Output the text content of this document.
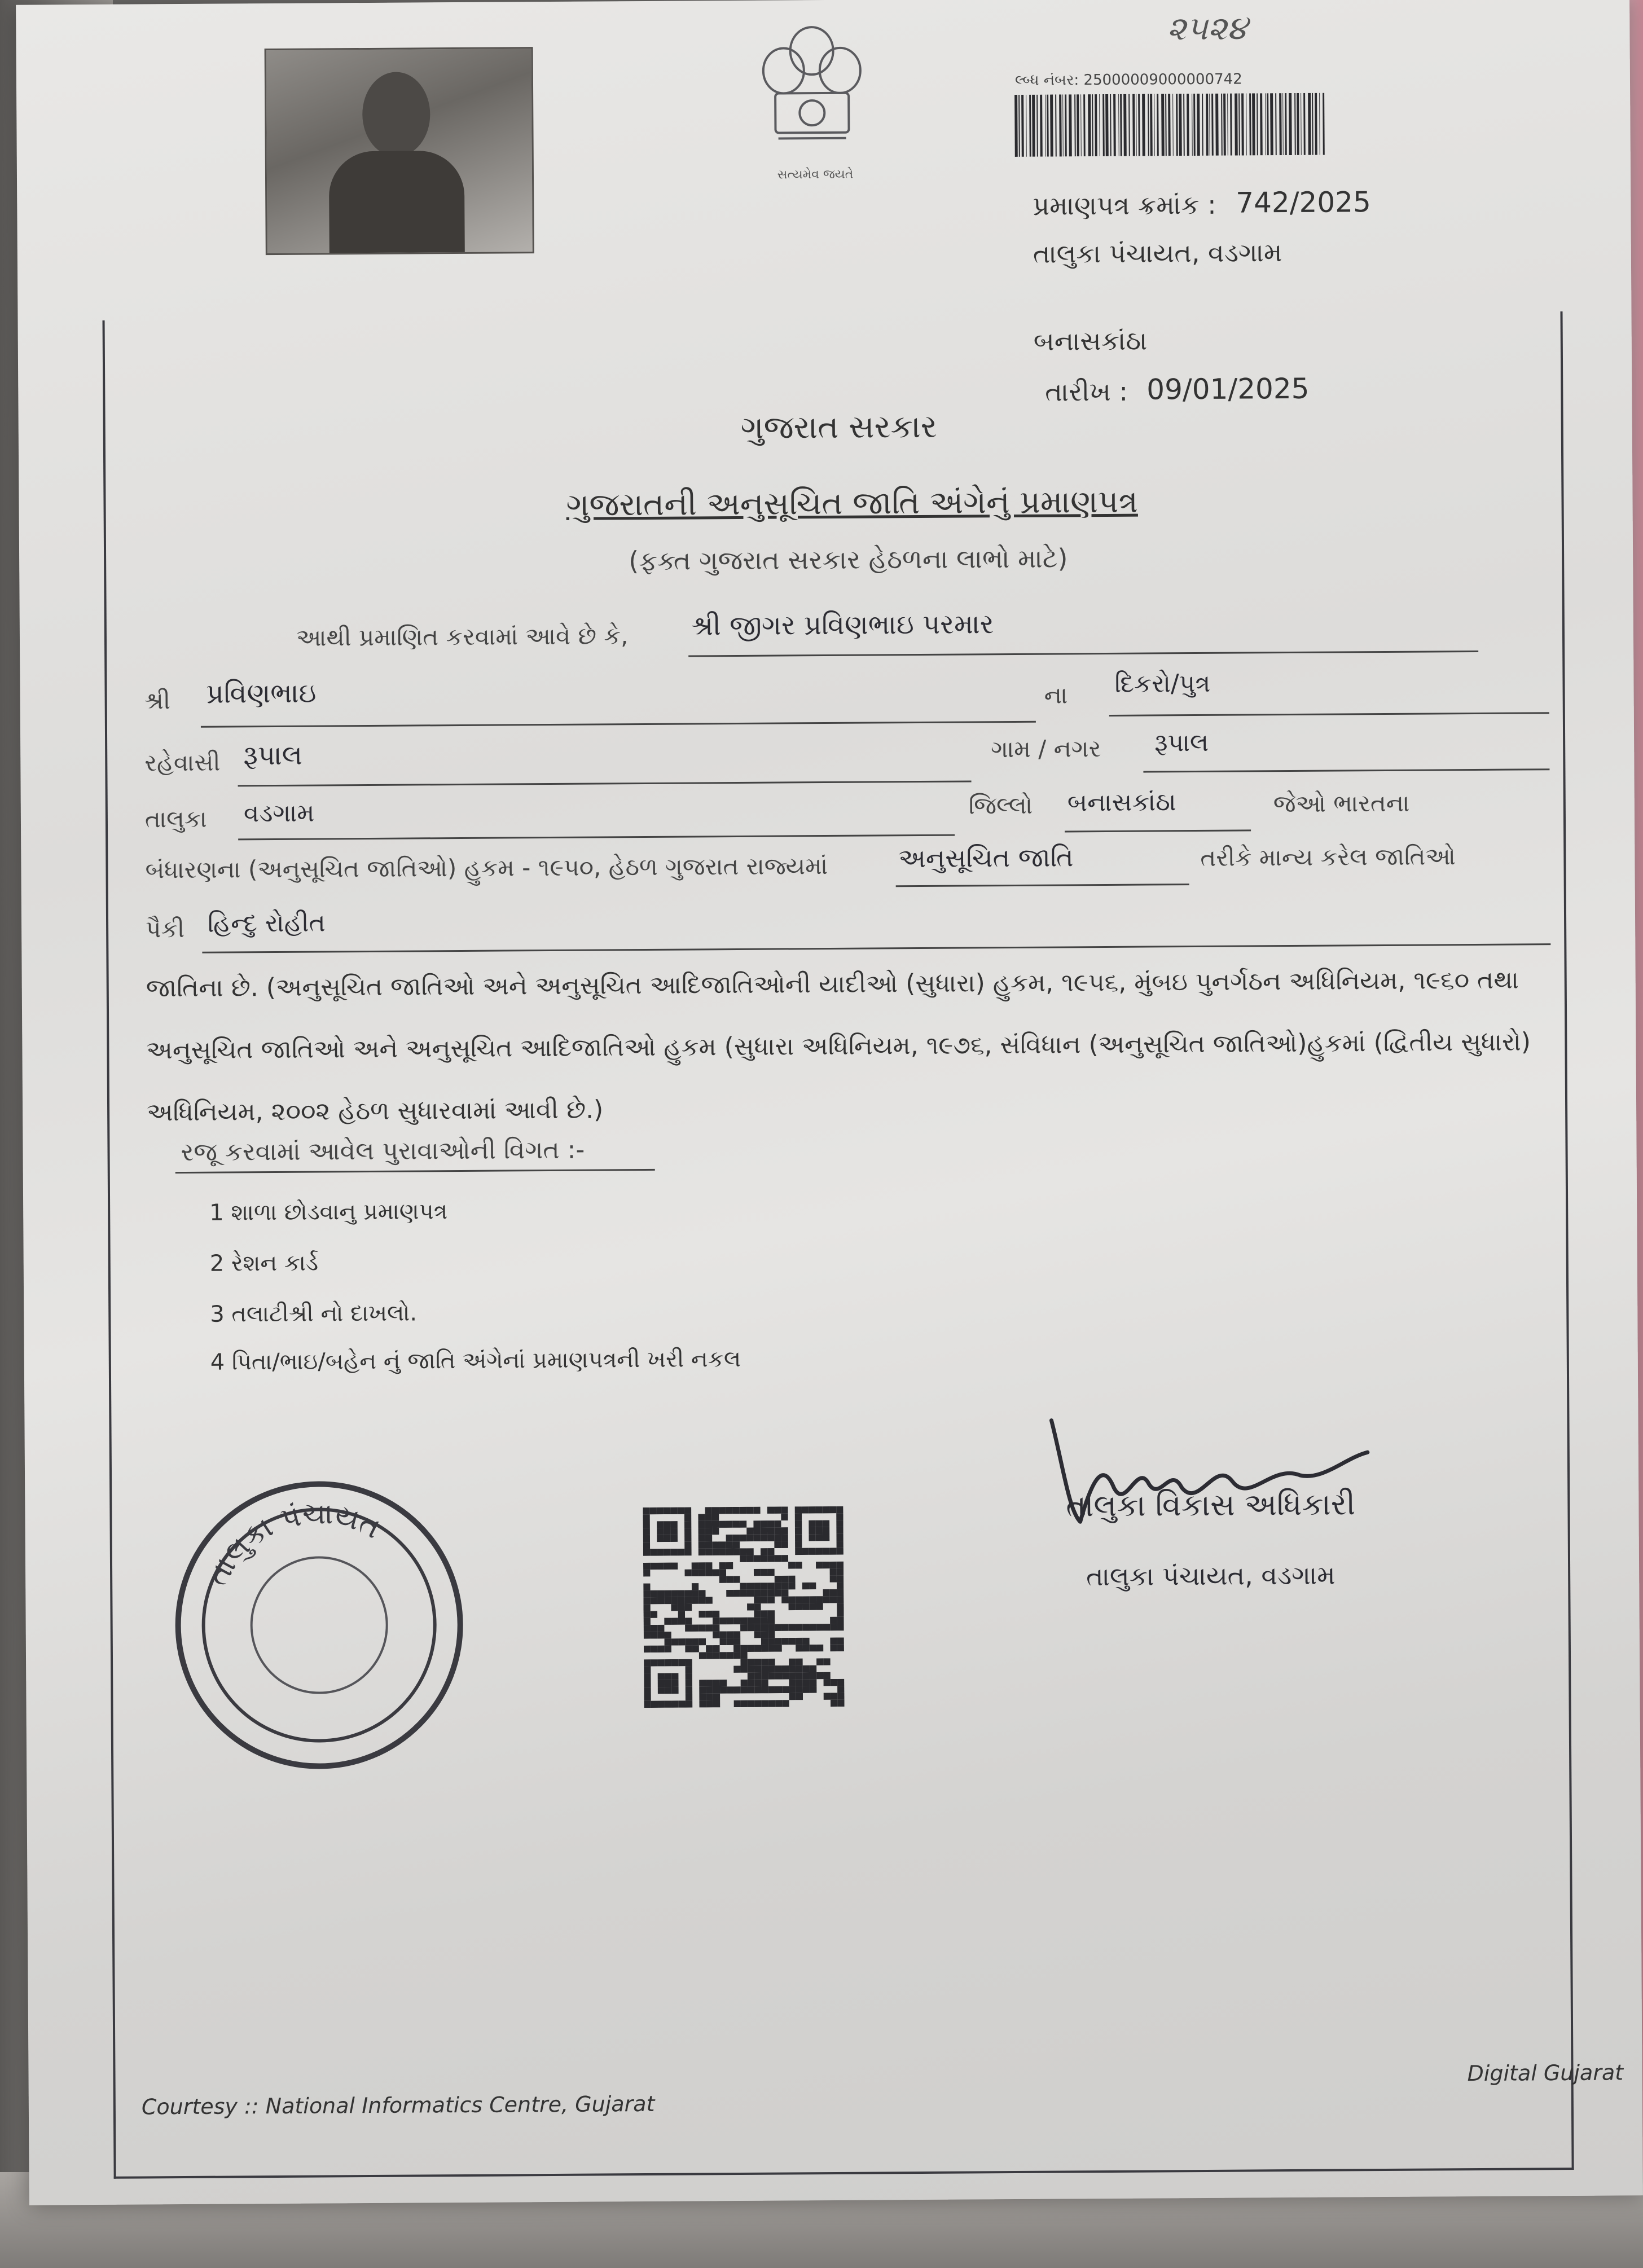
સત્યમેવ જયતે
૨૫૨૪
લ્બ્ધ નંબર: 25000009000000742
પ્રમાણપત્ર ક્રમાંક : 742/2025
તાલુકા પંચાયત, વડગામ
બનાસકાંઠા
તારીખ : 09/01/2025
ગુજરાત સરકાર
ગુજરાતની અનુસૂચિત જાતિ અંગેનું પ્રમાણપત્ર
(ફક્ત ગુજરાત સરકાર હેઠળના લાભો માટે)
આથી પ્રમાણિત કરવામાં આવે છે કે, શ્રી જીગર પ્રવિણભાઇ પરમાર
શ્રી પ્રવિણભાઇ	ના દિકરો/પુત્ર
રહેવાસી રૂપાલ	ગામ / નગર રૂપાલ
તાલુકા વડગામ	જિલ્લો બનાસકાંઠા	જેઓ ભારતના
બંધારણના (અનુસૂચિત જાતિઓ) હુકમ - ૧૯૫૦, હેઠળ ગુજરાત રાજ્યમાં	અનુસૂચિત જાતિ	તરીકે માન્ય કરેલ જાતિઓ
પૈકી હિન્દુ રોહીત
જાતિના છે. (અનુસૂચિત જાતિઓ અને અનુસૂચિત આદિજાતિઓની યાદીઓ (સુધારા) હુકમ, ૧૯૫૬, મુંબઇ પુનર્ગઠન અધિનિયમ, ૧૯૬૦ તથા
અનુસૂચિત જાતિઓ અને અનુસૂચિત આદિજાતિઓ હુકમ (સુધારા અધિનિયમ, ૧૯૭૬, સંવિધાન (અનુસૂચિત જાતિઓ)હુકમાં (દ્વિતીય સુધારો)
અધિનિયમ, ૨૦૦૨ હેઠળ સુધારવામાં આવી છે.)
રજૂ કરવામાં આવેલ પુરાવાઓની વિગત :-
1 શાળા છોડવાનુ પ્રમાણપત્ર
2 રેશન કાર્ડ
3 તલાટીશ્રી નો દાખલો.
4 પિતા/ભાઇ/બહેન નું જાતિ અંગેનાં પ્રમાણપત્રની ખરી નકલ
તાલુકા પંચાયત
તાલુકા વિકાસ અધિકારી
તાલુકા પંચાયત, વડગામ
Courtesy :: National Informatics Centre, Gujarat
Digital Gujarat
